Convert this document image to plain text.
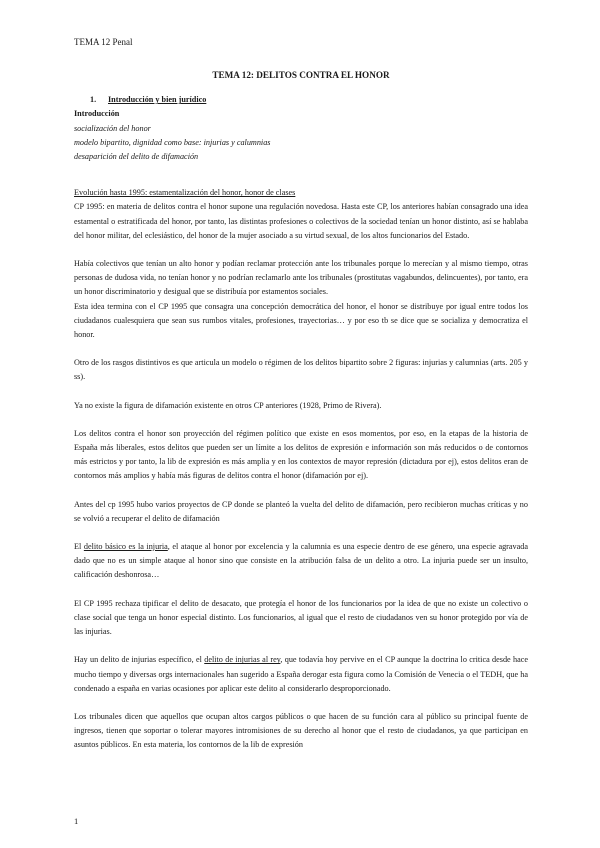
TEMA 12 Penal
TEMA 12: DELITOS CONTRA EL HONOR
1. Introducción y bien jurídico
Introducción
socialización del honor
modelo bipartito, dignidad como base: injurias y calumnias
desaparición del delito de difamación
Evolución hasta 1995: estamentalización del honor, honor de clases

CP 1995: en materia de delitos contra el honor supone una regulación novedosa. Hasta este CP, los anteriores habían consagrado una idea estamental o estratificada del honor, por tanto, las distintas profesiones o colectivos de la sociedad tenían un honor distinto, así se hablaba del honor militar, del eclesiástico, del honor de la mujer asociado a su virtud sexual, de los altos funcionarios del Estado.

Había colectivos que tenían un alto honor y podían reclamar protección ante los tribunales porque lo merecían y al mismo tiempo, otras personas de dudosa vida, no tenían honor y no podrían reclamarlo ante los tribunales (prostitutas vagabundos, delincuentes), por tanto, era un honor discriminatorio y desigual que se distribuía por estamentos sociales.

Esta idea termina con el CP 1995 que consagra una concepción democrática del honor, el honor se distribuye por igual entre todos los ciudadanos cualesquiera que sean sus rumbos vitales, profesiones, trayectorias… y por eso tb se dice que se socializa y democratiza el honor.

Otro de los rasgos distintivos es que articula un modelo o régimen de los delitos bipartito sobre 2 figuras: injurias y calumnias (arts. 205 y ss).

Ya no existe la figura de difamación existente en otros CP anteriores (1928, Primo de Rivera).

Los delitos contra el honor son proyección del régimen político que existe en esos momentos, por eso, en la etapas de la historia de España más liberales, estos delitos que pueden ser un límite a los delitos de expresión e información son más reducidos o de contornos más estrictos y por tanto, la lib de expresión es más amplia y en los contextos de mayor represión (dictadura por ej), estos delitos eran de contornos más amplios y había más figuras de delitos contra el honor (difamación por ej).

Antes del cp 1995 hubo varios proyectos de CP donde se planteó la vuelta del delito de difamación, pero recibieron muchas críticas y no se volvió a recuperar el delito de difamación

El delito básico es la injuria, el ataque al honor por excelencia y la calumnia es una especie dentro de ese género, una especie agravada dado que no es un simple ataque al honor sino que consiste en la atribución falsa de un delito a otro. La injuria puede ser un insulto, calificación deshonrosa…

El CP 1995 rechaza tipificar el delito de desacato, que protegía el honor de los funcionarios por la idea de que no existe un colectivo o clase social que tenga un honor especial distinto. Los funcionarios, al igual que el resto de ciudadanos ven su honor protegido por vía de las injurias.

Hay un delito de injurias específico, el delito de injurias al rey, que todavía hoy pervive en el CP aunque la doctrina lo critica desde hace mucho tiempo y diversas orgs internacionales han sugerido a España derogar esta figura como la Comisión de Venecia o el TEDH, que ha condenado a españa en varias ocasiones por aplicar este delito al considerarlo desproporcionado.

Los tribunales dicen que aquellos que ocupan altos cargos públicos o que hacen de su función cara al público su principal fuente de ingresos, tienen que soportar o tolerar mayores intromisiones de su derecho al honor que el resto de ciudadanos, ya que participan en asuntos públicos. En esta materia, los contornos de la lib de expresión

1
